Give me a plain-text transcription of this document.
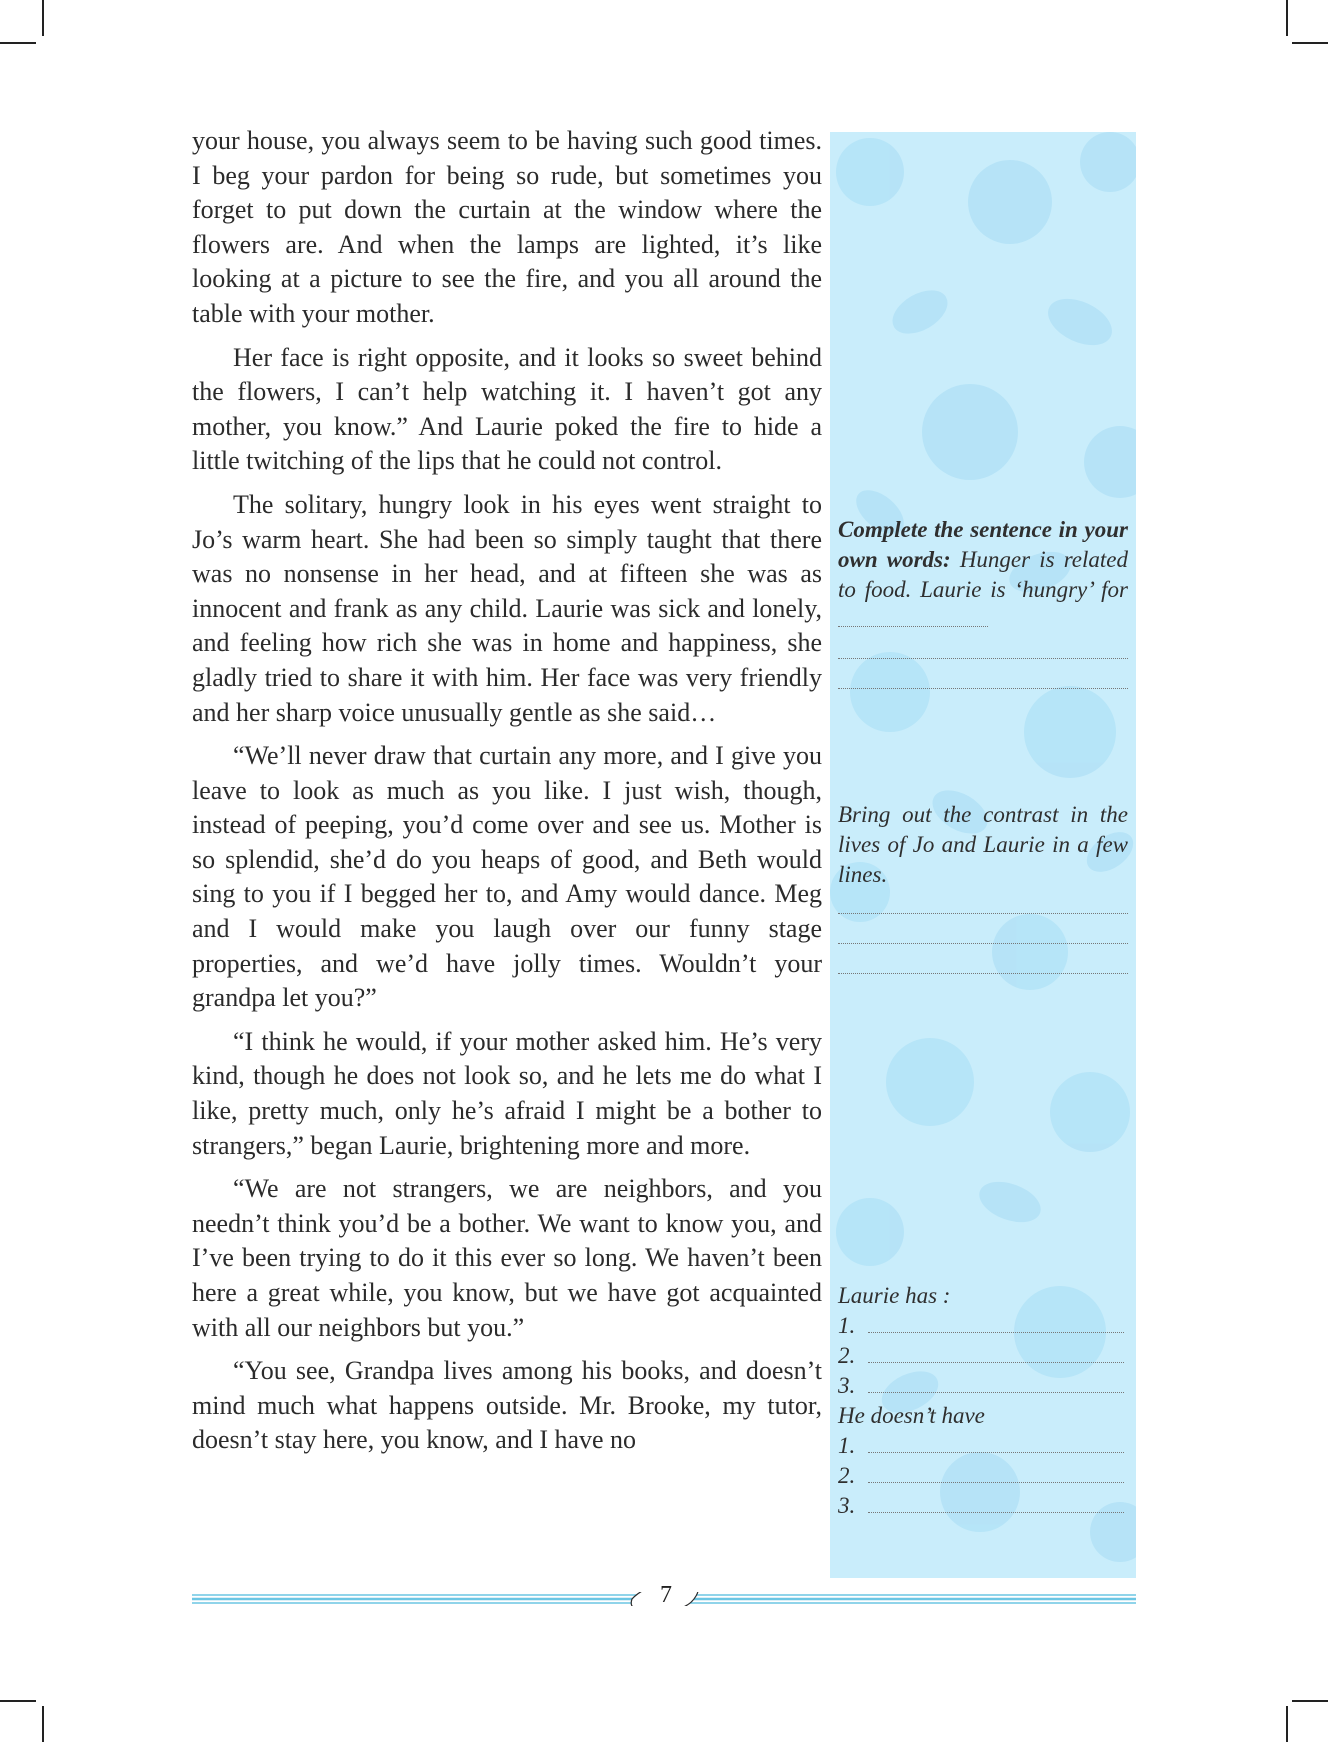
your house, you always seem to be having such good times. I beg your pardon for being so rude, but sometimes you forget to put down the curtain at the window where the flowers are. And when the lamps are lighted, it’s like looking at a picture to see the fire, and you all around the table with your mother.

Her face is right opposite, and it looks so sweet behind the flowers, I can’t help watching it. I haven’t got any mother, you know.” And Laurie poked the fire to hide a little twitching of the lips that he could not control.

The solitary, hungry look in his eyes went straight to Jo’s warm heart. She had been so simply taught that there was no nonsense in her head, and at fifteen she was as innocent and frank as any child. Laurie was sick and lonely, and feeling how rich she was in home and happiness, she gladly tried to share it with him. Her face was very friendly and her sharp voice unusually gentle as she said…

“We’ll never draw that curtain any more, and I give you leave to look as much as you like. I just wish, though, instead of peeping, you’d come over and see us. Mother is so splendid, she’d do you heaps of good, and Beth would sing to you if I begged her to, and Amy would dance. Meg and I would make you laugh over our funny stage properties, and we’d have jolly times. Wouldn’t your grandpa let you?”

“I think he would, if your mother asked him. He’s very kind, though he does not look so, and he lets me do what I like, pretty much, only he’s afraid I might be a bother to strangers,” began Laurie, brightening more and more.

“We are not strangers, we are neighbors, and you needn’t think you’d be a bother. We want to know you, and I’ve been trying to do it this ever so long. We haven’t been here a great while, you know, but we have got acquainted with all our neighbors but you.”

“You see, Grandpa lives among his books, and doesn’t mind much what happens outside. Mr. Brooke, my tutor, doesn’t stay here, you know, and I have no

Complete the sentence in your own words: Hunger is related to food. Laurie is ‘hungry’ for

Bring out the contrast in the lives of Jo and Laurie in a few lines.

Laurie has :
1.
2.
3.
He doesn’t have
1.
2.
3.
7
